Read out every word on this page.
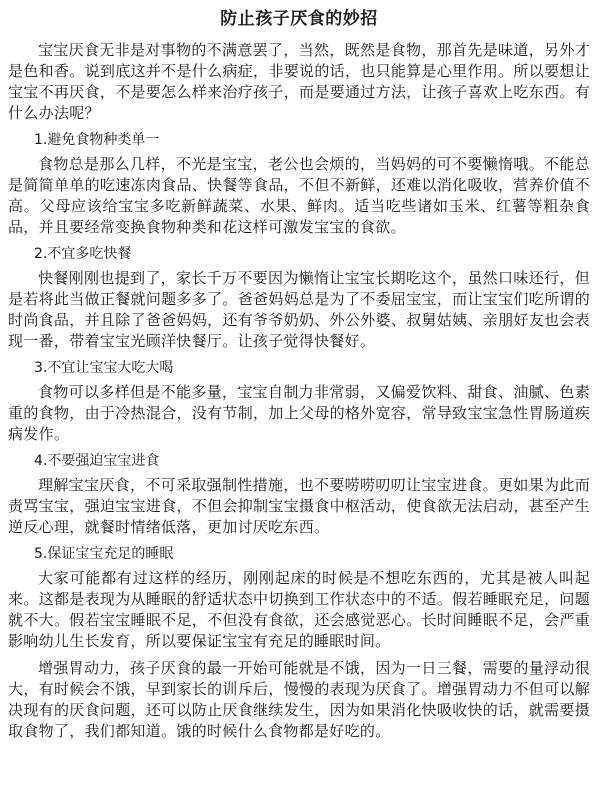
防止孩子厌食的妙招

宝宝厌食无非是对事物的不满意罢了，当然，既然是食物，那首先是味道，另外才是色和香。说到底这并不是什么病症，非要说的话，也只能算是心里作用。所以要想让宝宝不再厌食，不是要怎么样来治疗孩子，而是要通过方法，让孩子喜欢上吃东西。有什么办法呢？

1.避免食物种类单一

食物总是那么几样，不光是宝宝，老公也会烦的，当妈妈的可不要懒惰哦。不能总是简简单单的吃速冻肉食品、快餐等食品，不但不新鲜，还难以消化吸收，营养价值不高。父母应该给宝宝多吃新鲜蔬菜、水果、鲜肉。适当吃些诸如玉米、红薯等粗杂食品，并且要经常变换食物种类和花这样可激发宝宝的食欲。

2.不宜多吃快餐

快餐刚刚也提到了，家长千万不要因为懒惰让宝宝长期吃这个，虽然口味还行，但是若将此当做正餐就问题多多了。爸爸妈妈总是为了不委屈宝宝，而让宝宝们吃所谓的时尚食品，并且除了爸爸妈妈，还有爷爷奶奶、外公外婆、叔舅姑姨、亲朋好友也会表现一番，带着宝宝光顾洋快餐厅。让孩子觉得快餐好。

3.不宜让宝宝大吃大喝

食物可以多样但是不能多量，宝宝自制力非常弱，又偏爱饮料、甜食、油腻、色素重的食物，由于冷热混合，没有节制，加上父母的格外宽容，常导致宝宝急性胃肠道疾病发作。

4.不要强迫宝宝进食

理解宝宝厌食，不可采取强制性措施，也不要唠唠叨叨让宝宝进食。更如果为此而责骂宝宝，强迫宝宝进食，不但会抑制宝宝摄食中枢活动，使食欲无法启动，甚至产生逆反心理，就餐时情绪低落，更加讨厌吃东西。

5.保证宝宝充足的睡眠

大家可能都有过这样的经历，刚刚起床的时候是不想吃东西的，尤其是被人叫起来。这都是表现为从睡眠的舒适状态中切换到工作状态中的不适。假若睡眠充足，问题就不大。假若宝宝睡眠不足，不但没有食欲，还会感觉恶心。长时间睡眠不足，会严重影响幼儿生长发育，所以要保证宝宝有充足的睡眠时间。

增强胃动力，孩子厌食的最一开始可能就是不饿，因为一日三餐，需要的量浮动很大，有时候会不饿，早到家长的训斥后，慢慢的表现为厌食了。增强胃动力不但可以解决现有的厌食问题，还可以防止厌食继续发生，因为如果消化快吸收快的话，就需要摄取食物了，我们都知道。饿的时候什么食物都是好吃的。
